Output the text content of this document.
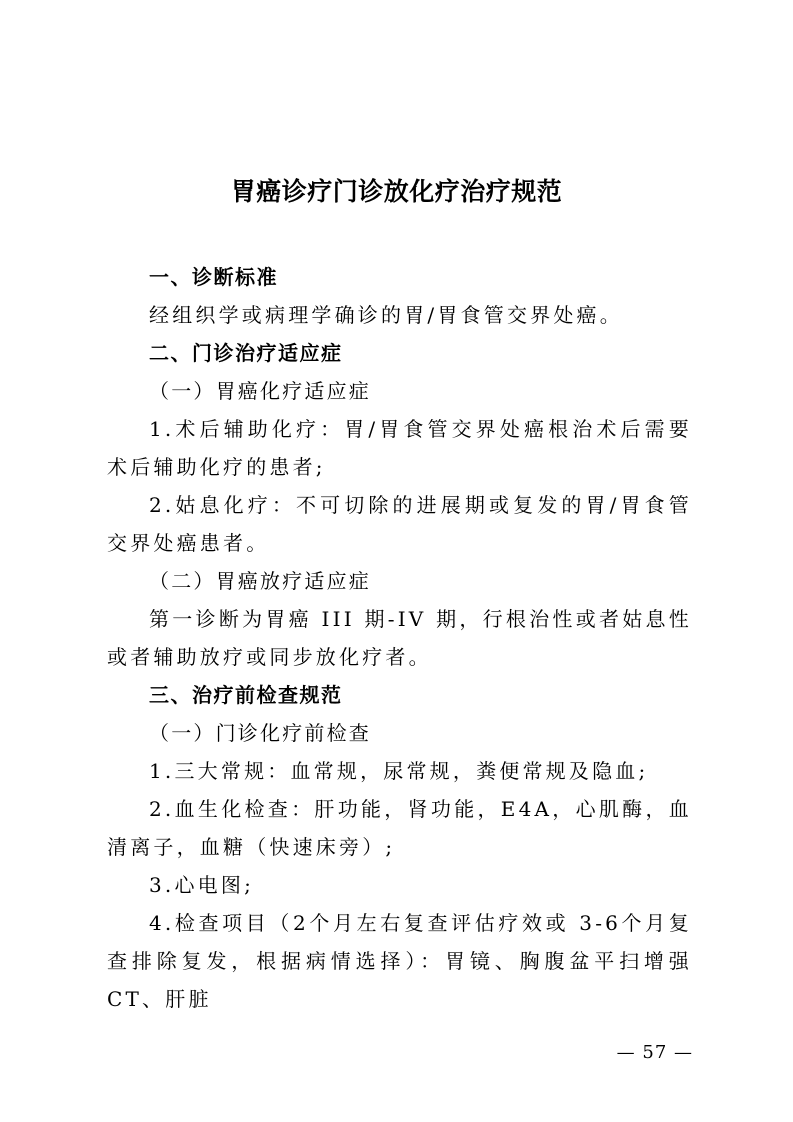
胃癌诊疗门诊放化疗治疗规范

一、诊断标准

经组织学或病理学确诊的胃/胃食管交界处癌。

二、门诊治疗适应症

（一）胃癌化疗适应症

1.术后辅助化疗：胃/胃食管交界处癌根治术后需要术后辅助化疗的患者;

2.姑息化疗：不可切除的进展期或复发的胃/胃食管交界处癌患者。

（二）胃癌放疗适应症

第一诊断为胃癌 III 期-IV 期，行根治性或者姑息性或者辅助放疗或同步放化疗者。

三、治疗前检查规范

（一）门诊化疗前检查

1.三大常规：血常规，尿常规，粪便常规及隐血;

2.血生化检查：肝功能，肾功能，E4A，心肌酶，血清离子，血糖（快速床旁）;

3.心电图;

4.检查项目（2个月左右复查评估疗效或 3-6个月复查排除复发，根据病情选择）：胃镜、胸腹盆平扫增强 CT、肝脏

— 57 —
